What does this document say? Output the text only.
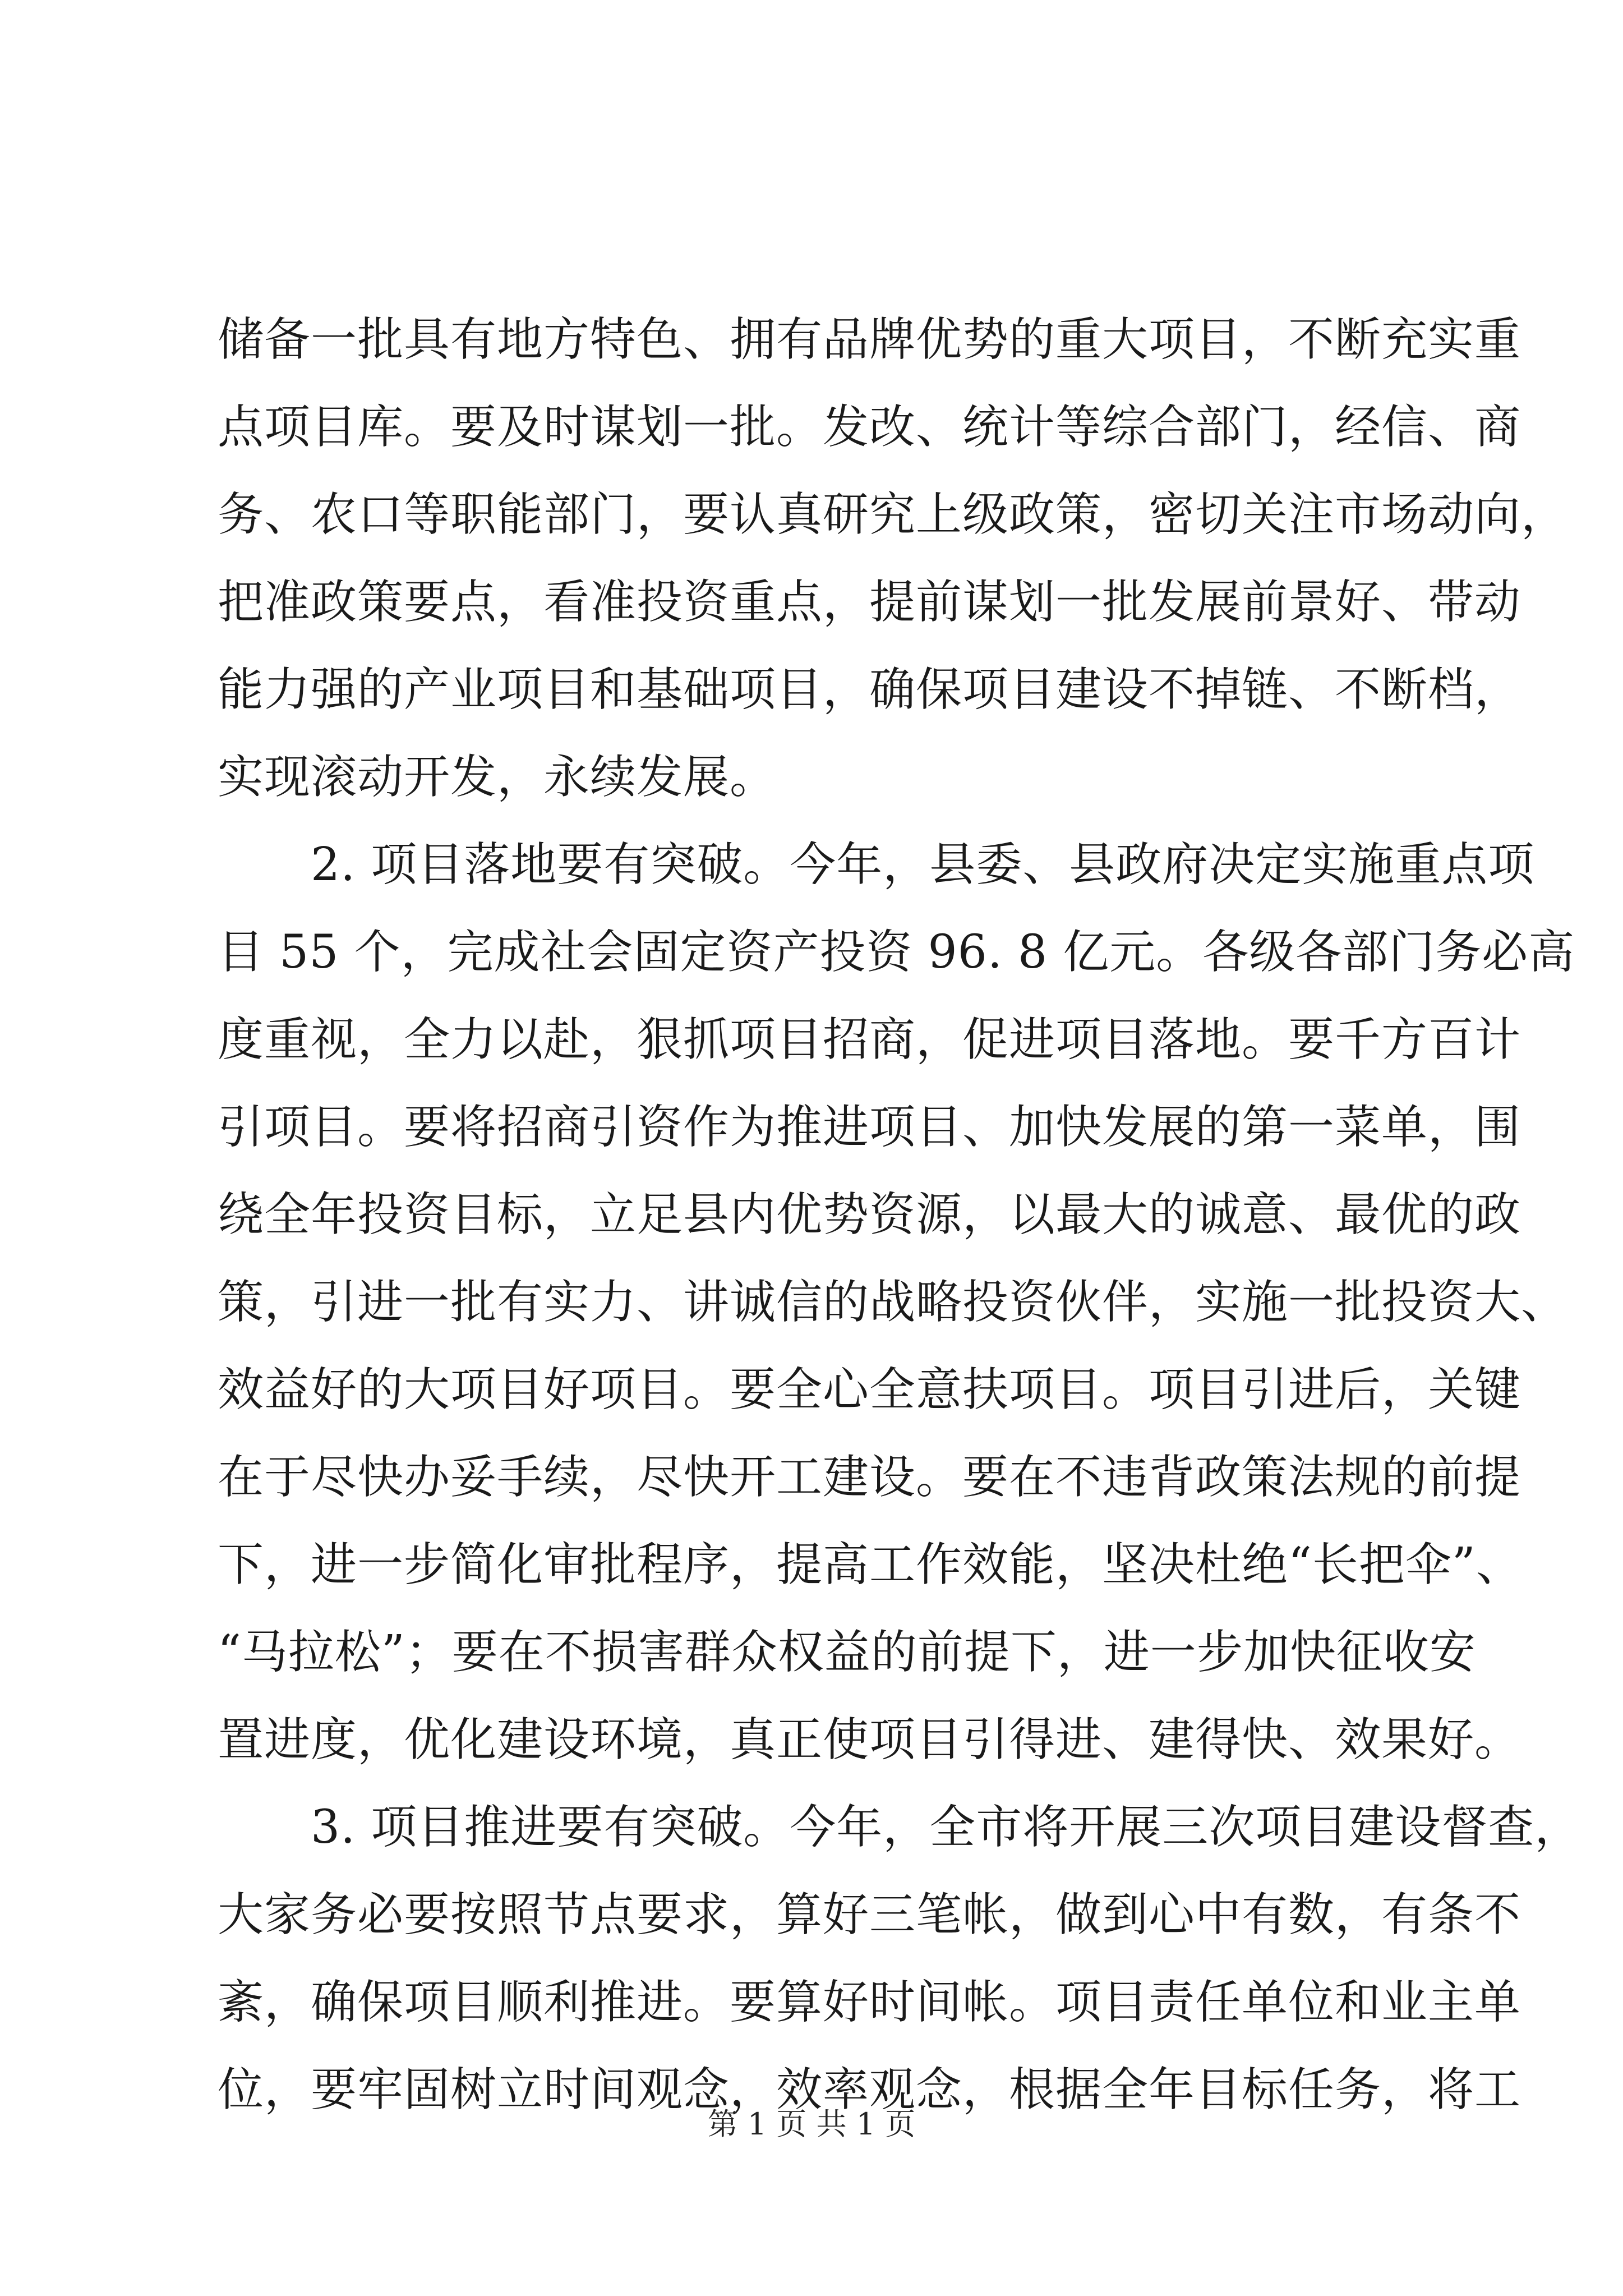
储备一批具有地方特色、拥有品牌优势的重大项目，不断充实重
点项目库。要及时谋划一批。发改、统计等综合部门，经信、商
务、农口等职能部门，要认真研究上级政策，密切关注市场动向，
把准政策要点，看准投资重点，提前谋划一批发展前景好、带动
能力强的产业项目和基础项目，确保项目建设不掉链、不断档，
实现滚动开发，永续发展。
2. 项目落地要有突破。今年，县委、县政府决定实施重点项
目 55 个，完成社会固定资产投资 96. 8 亿元。各级各部门务必高
度重视，全力以赴，狠抓项目招商，促进项目落地。要千方百计
引项目。要将招商引资作为推进项目、加快发展的第一菜单，围
绕全年投资目标，立足县内优势资源，以最大的诚意、最优的政
策，引进一批有实力、讲诚信的战略投资伙伴，实施一批投资大、
效益好的大项目好项目。要全心全意扶项目。项目引进后，关键
在于尽快办妥手续，尽快开工建设。要在不违背政策法规的前提
下，进一步简化审批程序，提高工作效能，坚决杜绝“长把伞”、
“马拉松”；要在不损害群众权益的前提下，进一步加快征收安
置进度，优化建设环境，真正使项目引得进、建得快、效果好。
3. 项目推进要有突破。今年，全市将开展三次项目建设督查，
大家务必要按照节点要求，算好三笔帐，做到心中有数，有条不
紊，确保项目顺利推进。要算好时间帐。项目责任单位和业主单
位，要牢固树立时间观念，效率观念，根据全年目标任务，将工
第 1 页 共 1 页
